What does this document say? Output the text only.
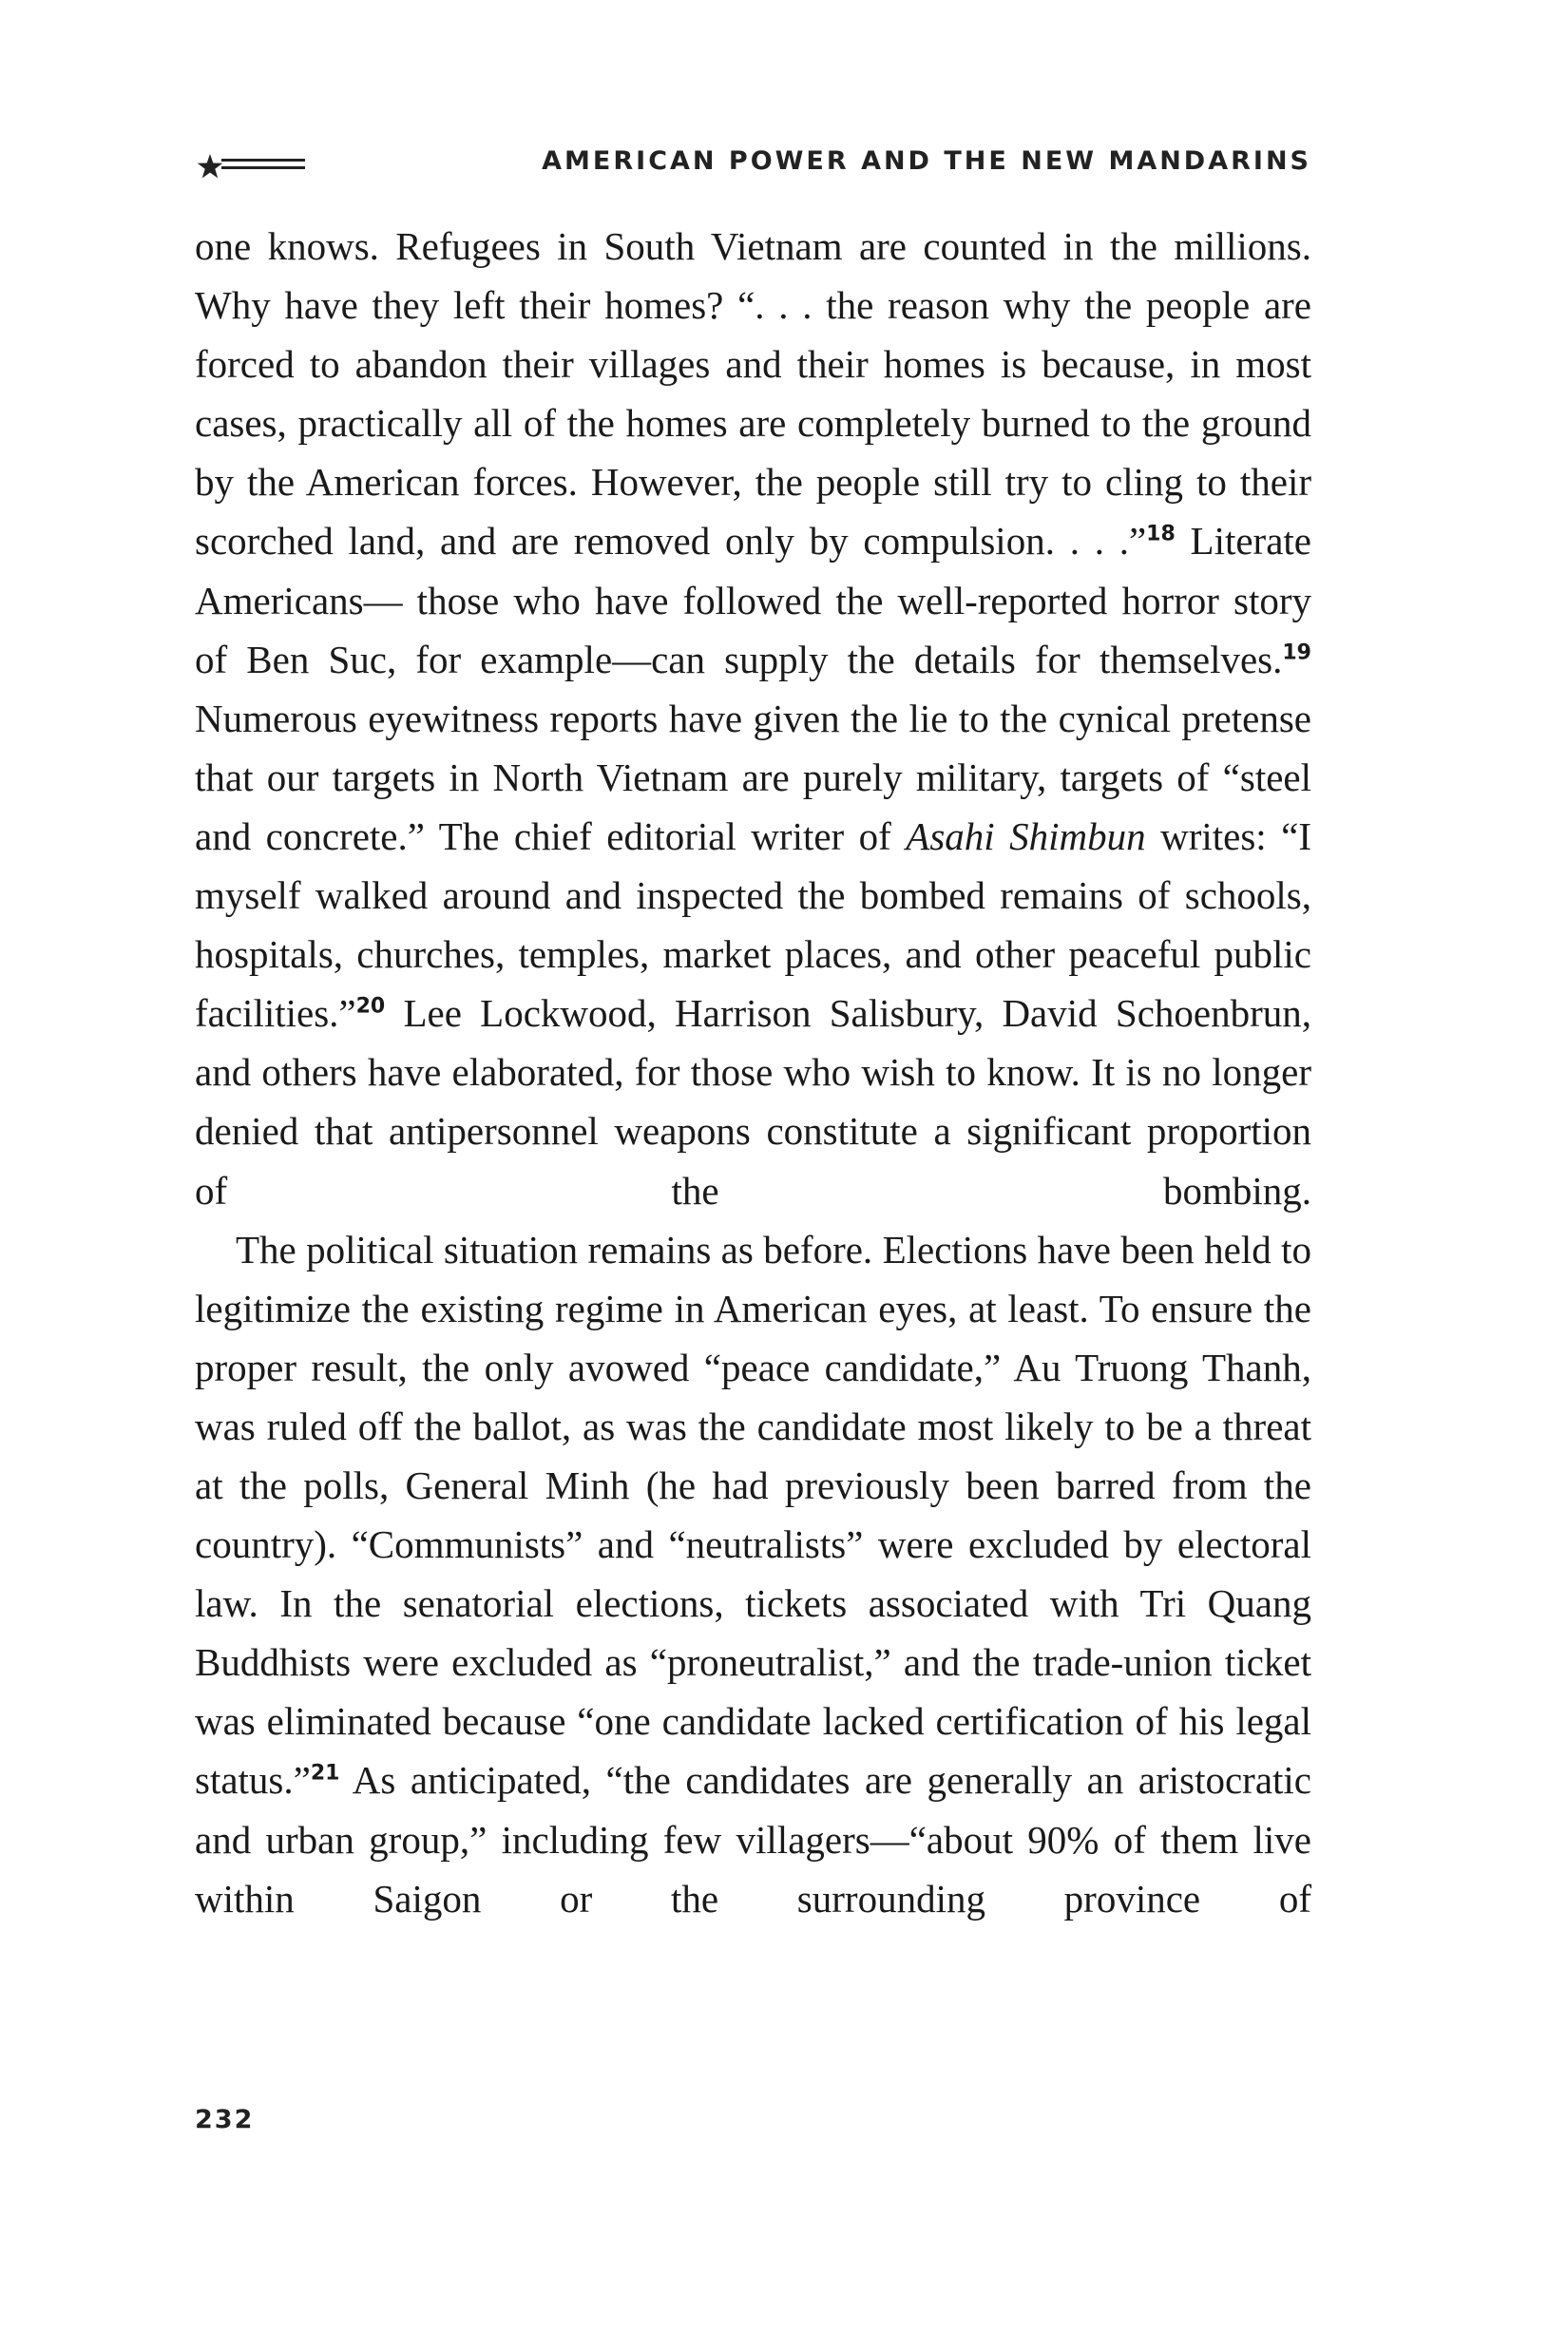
AMERICAN POWER AND THE NEW MANDARINS

one knows. Refugees in South Vietnam are counted in the millions. Why have they left their homes? “. . . the reason why the people are forced to abandon their villages and their homes is because, in most cases, practically all of the homes are completely burned to the ground by the American forces. However, the people still try to cling to their scorched land, and are removed only by compulsion. . . .”$^{18}$ Literate Americans— those who have followed the well-reported horror story of Ben Suc, for example—can supply the details for themselves.$^{19}$ Numerous eyewitness reports have given the lie to the cynical pretense that our targets in North Vietnam are purely military, targets of “steel and concrete.” The chief editorial writer of Asahi Shimbun writes: “I myself walked around and inspected the bombed remains of schools, hospitals, churches, temples, market places, and other peaceful public facilities.”$^{20}$ Lee Lockwood, Harrison Salisbury, David Schoenbrun, and others have elaborated, for those who wish to know. It is no longer denied that antipersonnel weapons constitute a significant proportion of the bombing.

The political situation remains as before. Elections have been held to legitimize the existing regime in American eyes, at least. To ensure the proper result, the only avowed “peace candidate,” Au Truong Thanh, was ruled off the ballot, as was the candidate most likely to be a threat at the polls, General Minh (he had previously been barred from the country). “Communists” and “neutralists” were excluded by electoral law. In the senatorial elections, tickets associated with Tri Quang Buddhists were excluded as “proneutralist,” and the trade-union ticket was eliminated because “one candidate lacked certification of his legal status.”$^{21}$ As anticipated, “the candidates are generally an aristocratic and urban group,” including few villagers—“about 90% of them live within Saigon or the surrounding province of

232
